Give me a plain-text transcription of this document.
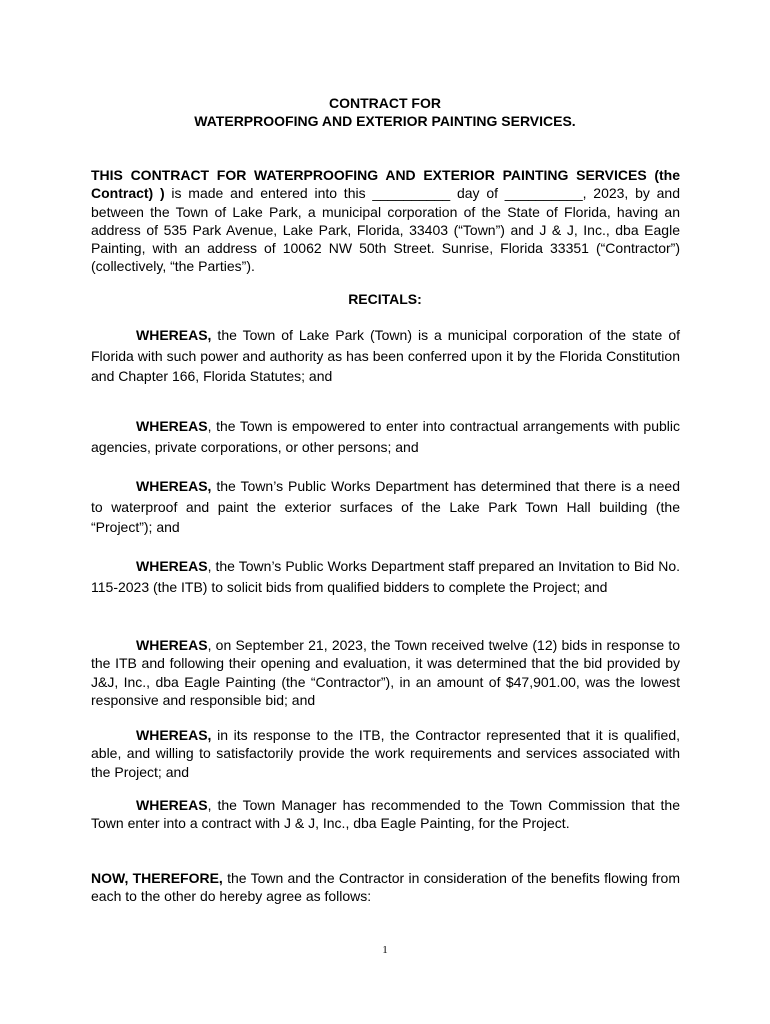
CONTRACT FOR
WATERPROOFING AND EXTERIOR PAINTING SERVICES.

THIS CONTRACT FOR WATERPROOFING AND EXTERIOR PAINTING SERVICES (the Contract) ) is made and entered into this __________ day of __________, 2023, by and between the Town of Lake Park, a municipal corporation of the State of Florida, having an address of 535 Park Avenue, Lake Park, Florida, 33403 (“Town”) and J & J, Inc., dba Eagle Painting, with an address of 10062 NW 50th Street. Sunrise, Florida 33351 (“Contractor”) (collectively, “the Parties”).

RECITALS:

WHEREAS, the Town of Lake Park (Town) is a municipal corporation of the state of Florida with such power and authority as has been conferred upon it by the Florida Constitution and Chapter 166, Florida Statutes; and

WHEREAS, the Town is empowered to enter into contractual arrangements with public agencies, private corporations, or other persons; and

WHEREAS, the Town’s Public Works Department has determined that there is a need to waterproof and paint the exterior surfaces of the Lake Park Town Hall building (the “Project”); and

WHEREAS, the Town’s Public Works Department staff prepared an Invitation to Bid No. 115-2023 (the ITB) to solicit bids from qualified bidders to complete the Project; and

WHEREAS, on September 21, 2023, the Town received twelve (12) bids in response to the ITB and following their opening and evaluation, it was determined that the bid provided by J&J, Inc., dba Eagle Painting (the “Contractor”), in an amount of $47,901.00, was the lowest responsive and responsible bid; and

WHEREAS, in its response to the ITB, the Contractor represented that it is qualified, able, and willing to satisfactorily provide the work requirements and services associated with the Project; and

WHEREAS, the Town Manager has recommended to the Town Commission that the Town enter into a contract with J & J, Inc., dba Eagle Painting, for the Project.

NOW, THEREFORE, the Town and the Contractor in consideration of the benefits flowing from each to the other do hereby agree as follows:

1
